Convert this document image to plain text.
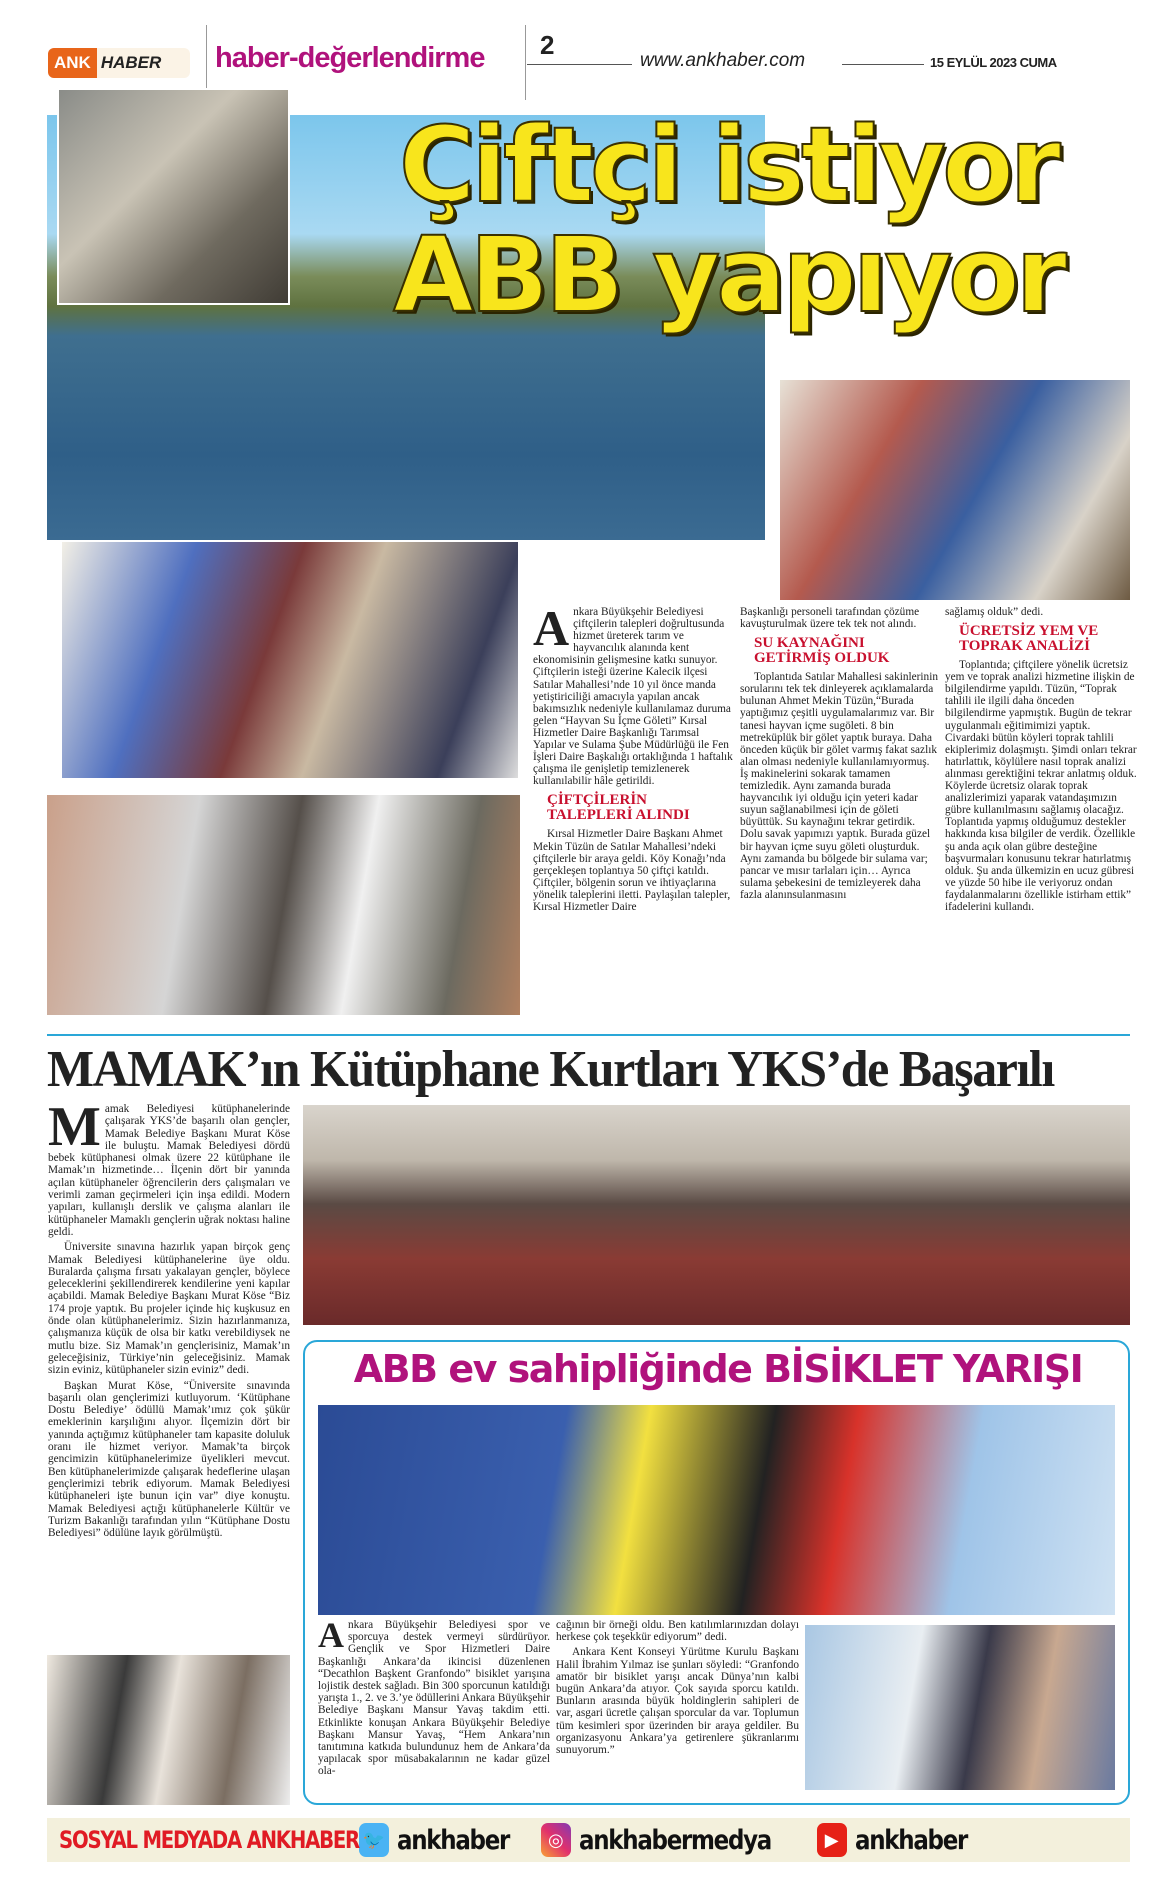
ANK HABER haber-değerlendirme 2
www.ankhaber.com	15 EYLÜL 2023 CUMA
Çiftçi istiyor
ABB yapıyor

Ankara Büyükşehir Belediyesi çiftçilerin talepleri doğrultusunda hizmet üreterek tarım ve hayvancılık alanında kent ekonomisinin gelişmesine katkı sunuyor. Çiftçilerin isteği üzerine Kalecik ilçesi Satılar Mahallesi’nde 10 yıl önce manda yetiştiriciliği amacıyla yapılan ancak bakımsızlık nedeniyle kullanılamaz duruma gelen “Hayvan Su İçme Göleti” Kırsal Hizmetler Daire Başkanlığı Tarımsal Yapılar ve Sulama Şube Müdürlüğü ile Fen İşleri Daire Başkalığı ortaklığında 1 haftalık çalışma ile genişletip temizlenerek kullanılabilir hâle getirildi.

ÇİFTÇİLERİN TALEPLERİ ALINDI

Kırsal Hizmetler Daire Başkanı Ahmet Mekin Tüzün de Satılar Mahallesi’ndeki çiftçilerle bir araya geldi. Köy Konağı’nda gerçekleşen toplantıya 50 çiftçi katıldı. Çiftçiler, bölgenin sorun ve ihtiyaçlarına yönelik taleplerini iletti. Paylaşılan talepler, Kırsal Hizmetler Daire

Başkanlığı personeli tarafından çözüme kavuşturulmak üzere tek tek not alındı.

SU KAYNAĞINI GETİRMİŞ OLDUK

Toplantıda Satılar Mahallesi sakinlerinin sorularını tek tek dinleyerek açıklamalarda bulunan Ahmet Mekin Tüzün,“Burada yaptığımız çeşitli uygulamalarımız var. Bir tanesi hayvan içme sugöleti. 8 bin metreküplük bir gölet yaptık buraya. Daha önceden küçük bir gölet varmış fakat sazlık alan olması nedeniyle kullanılamıyormuş. İş makinelerini sokarak tamamen temizledik. Aynı zamanda burada hayvancılık iyi olduğu için yeteri kadar suyun sağlanabilmesi için de göleti büyüttük. Su kaynağını tekrar getirdik. Dolu savak yapımızı yaptık. Burada güzel bir hayvan içme suyu göleti oluşturduk. Aynı zamanda bu bölgede bir sulama var; pancar ve mısır tarlaları için… Ayrıca sulama şebekesini de temizleyerek daha fazla alanınsulanmasını

sağlamış olduk” dedi.

ÜCRETSİZ YEM VE TOPRAK ANALİZİ

Toplantıda; çiftçilere yönelik ücretsiz yem ve toprak analizi hizmetine ilişkin de bilgilendirme yapıldı. Tüzün, “Toprak tahlili ile ilgili daha önceden bilgilendirme yapmıştık. Bugün de tekrar uygulanmalı eğitimimizi yaptık. Civardaki bütün köyleri toprak tahlili ekiplerimiz dolaşmıştı. Şimdi onları tekrar hatırlattık, köylülere nasıl toprak analizi alınması gerektiğini tekrar anlatmış olduk. Köylerde ücretsiz olarak toprak analizlerimizi yaparak vatandaşımızın gübre kullanılmasını sağlamış olacağız. Toplantıda yapmış olduğumuz destekler hakkında kısa bilgiler de verdik. Özellikle şu anda açık olan gübre desteğine başvurmaları konusunu tekrar hatırlatmış olduk. Şu anda ülkemizin en ucuz gübresi ve yüzde 50 hibe ile veriyoruz ondan faydalanmalarını özellikle istirham ettik” ifadelerini kullandı.

MAMAK’ın Kütüphane Kurtları YKS’de Başarılı

Mamak Belediyesi kütüphanelerinde çalışarak YKS’de başarılı olan gençler, Mamak Belediye Başkanı Murat Köse ile buluştu. Mamak Belediyesi dördü bebek kütüphanesi olmak üzere 22 kütüphane ile Mamak’ın hizmetinde… İlçenin dört bir yanında açılan kütüphaneler öğrencilerin ders çalışmaları ve verimli zaman geçirmeleri için inşa edildi. Modern yapıları, kullanışlı derslik ve çalışma alanları ile kütüphaneler Mamaklı gençlerin uğrak noktası haline geldi.

Üniversite sınavına hazırlık yapan birçok genç Mamak Belediyesi kütüphanelerine üye oldu. Buralarda çalışma fırsatı yakalayan gençler, böylece geleceklerini şekillendirerek kendilerine yeni kapılar açabildi. Mamak Belediye Başkanı Murat Köse “Biz 174 proje yaptık. Bu projeler içinde hiç kuşkusuz en önde olan kütüphanelerimiz. Sizin hazırlanmanıza, çalışmanıza küçük de olsa bir katkı verebildiysek ne mutlu bize. Siz Mamak’ın gençlerisiniz, Mamak’ın geleceğisiniz, Türkiye’nin geleceğisiniz. Mamak sizin eviniz, kütüphaneler sizin eviniz” dedi.

Başkan Murat Köse, “Üniversite sınavında başarılı olan gençlerimizi kutluyorum. ‘Kütüphane Dostu Belediye’ ödüllü Mamak’ımız çok şükür emeklerinin karşılığını alıyor. İlçemizin dört bir yanında açtığımız kütüphaneler tam kapasite doluluk oranı ile hizmet veriyor. Mamak’ta birçok gencimizin kütüphanelerimize üyelikleri mevcut. Ben kütüphanelerimizde çalışarak hedeflerine ulaşan gençlerimizi tebrik ediyorum. Mamak Belediyesi kütüphaneleri işte bunun için var” diye konuştu. Mamak Belediyesi açtığı kütüphanelerle Kültür ve Turizm Bakanlığı tarafından yılın “Kütüphane Dostu Belediyesi” ödülüne layık görülmüştü.

ABB ev sahipliğinde BİSİKLET YARIŞI

Ankara Büyükşehir Belediyesi spor ve sporcuya destek vermeyi sürdürüyor. Gençlik ve Spor Hizmetleri Daire Başkanlığı Ankara’da ikincisi düzenlenen “Decathlon Başkent Granfondo” bisiklet yarışına lojistik destek sağladı. Bin 300 sporcunun katıldığı yarışta 1., 2. ve 3.’ye ödüllerini Ankara Büyükşehir Belediye Başkanı Mansur Yavaş takdim etti. Etkinlikte konuşan Ankara Büyükşehir Belediye Başkanı Mansur Yavaş, “Hem Ankara’nın tanıtımına katkıda bulundunuz hem de Ankara’da yapılacak spor müsabakalarının ne kadar güzel ola-

cağının bir örneği oldu. Ben katılımlarınızdan dolayı herkese çok teşekkür ediyorum” dedi.

Ankara Kent Konseyi Yürütme Kurulu Başkanı Halil İbrahim Yılmaz ise şunları söyledi: “Granfondo amatör bir bisiklet yarışı ancak Dünya’nın kalbi bugün Ankara’da atıyor. Çok sayıda sporcu katıldı. Bunların arasında büyük holdinglerin sahipleri de var, asgari ücretle çalışan sporcular da var. Toplumun tüm kesimleri spor üzerinden bir araya geldiler. Bu organizasyonu Ankara’ya getirenlere şükranlarımı sunuyorum.”

SOSYAL MEDYADA ANKHABER 🐦 ankhaber	◎ ankhabermedya	▶ ankhaber
